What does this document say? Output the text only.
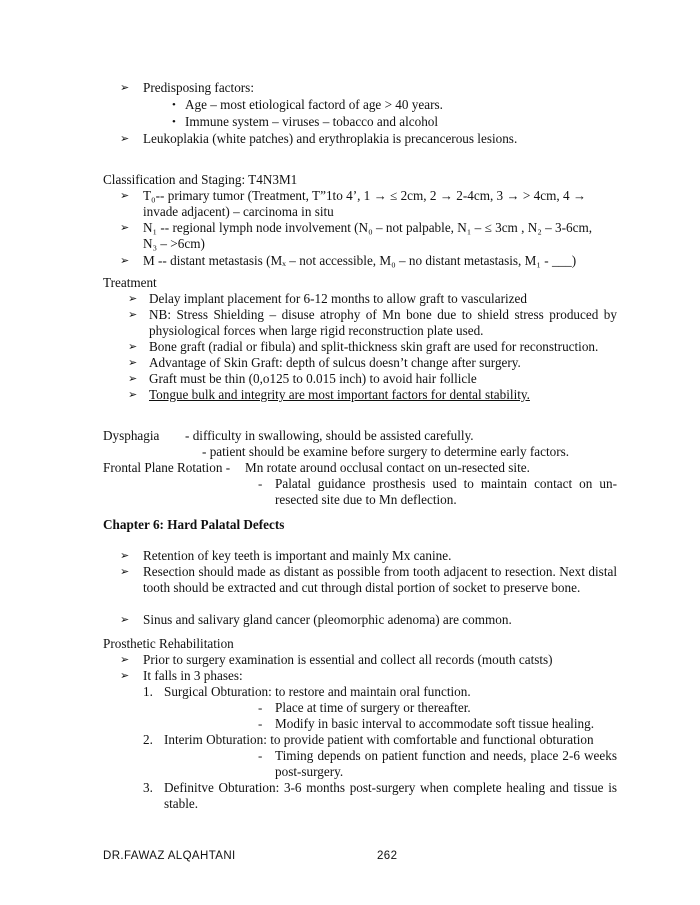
➢ Predisposing factors:
• Age – most etiological factord of age > 40 years.
• Immune system – viruses – tobacco and alcohol
➢ Leukoplakia (white patches) and erythroplakia is precancerous lesions.
Classification and Staging: T4N3M1
➢ T₀-- primary tumor (Treatment, T”1to 4’, 1 → ≤ 2cm, 2 → 2-4cm, 3 → > 4cm, 4 →
invade adjacent) – carcinoma in situ
➢ N₁ -- regional lymph node involvement (N₀ – not palpable, N₁ – ≤ 3cm , N₂ – 3-6cm,
N₃ – >6cm)
➢ M -- distant metastasis (Mₓ – not accessible, M₀ – no distant metastasis, M₁ - ___)
Treatment
➢ Delay implant placement for 6-12 months to allow graft to vascularized
➢ NB: Stress Shielding – disuse atrophy of Mn bone due to shield stress produced by physiological forces when large rigid reconstruction plate used.
➢ Bone graft (radial or fibula) and split-thickness skin graft are used for reconstruction.
➢ Advantage of Skin Graft: depth of sulcus doesn’t change after surgery.
➢ Graft must be thin (0,o125 to 0.015 inch) to avoid hair follicle
➢ Tongue bulk and integrity are most important factors for dental stability.
Dysphagia - difficulty in swallowing, should be assisted carefully.
- patient should be examine before surgery to determine early factors.
Frontal Plane Rotation - Mn rotate around occlusal contact on un-resected site.
- Palatal guidance prosthesis used to maintain contact on un-resected site due to Mn deflection.
Chapter 6: Hard Palatal Defects
➢ Retention of key teeth is important and mainly Mx canine.
➢ Resection should made as distant as possible from tooth adjacent to resection. Next distal tooth should be extracted and cut through distal portion of socket to preserve bone.
➢ Sinus and salivary gland cancer (pleomorphic adenoma) are common.
Prosthetic Rehabilitation
➢ Prior to surgery examination is essential and collect all records (mouth catsts)
➢ It falls in 3 phases:
1. Surgical Obturation: to restore and maintain oral function.
- Place at time of surgery or thereafter.
- Modify in basic interval to accommodate soft tissue healing.
2. Interim Obturation: to provide patient with comfortable and functional obturation
- Timing depends on patient function and needs, place 2-6 weeks post-surgery.
3. Definitve Obturation: 3-6 months post-surgery when complete healing and tissue is stable.
DR.FAWAZ ALQAHTANI	262
